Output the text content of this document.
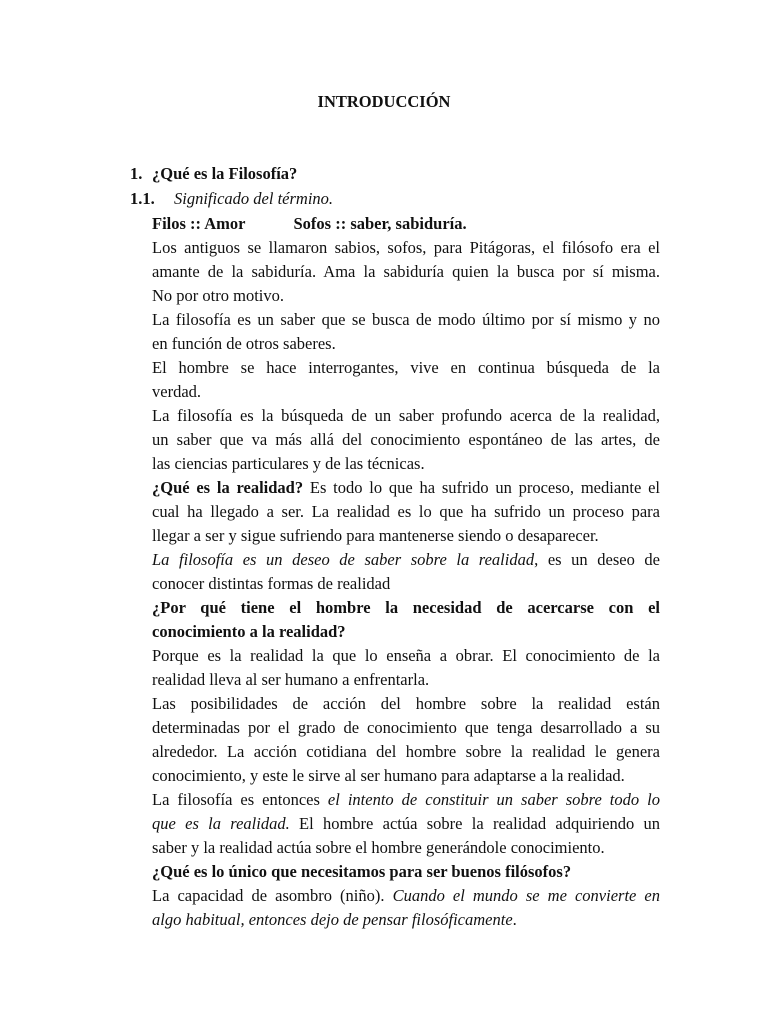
INTRODUCCIÓN
1. ¿Qué es la Filosofía?
1.1. Significado del término.
Filos :: Amor	Sofos :: saber, sabiduría.
Los antiguos se llamaron sabios, sofos, para Pitágoras, el filósofo era el
amante de la sabiduría. Ama la sabiduría quien la busca por sí misma.
No por otro motivo.
La filosofía es un saber que se busca de modo último por sí mismo y no
en función de otros saberes.
El hombre se hace interrogantes, vive en continua búsqueda de la
verdad.
La filosofía es la búsqueda de un saber profundo acerca de la realidad,
un saber que va más allá del conocimiento espontáneo de las artes, de
las ciencias particulares y de las técnicas.
¿Qué es la realidad? Es todo lo que ha sufrido un proceso, mediante el
cual ha llegado a ser. La realidad es lo que ha sufrido un proceso para
llegar a ser y sigue sufriendo para mantenerse siendo o desaparecer.
La filosofía es un deseo de saber sobre la realidad, es un deseo de
conocer distintas formas de realidad
¿Por qué tiene el hombre la necesidad de acercarse con el
conocimiento a la realidad?
Porque es la realidad la que lo enseña a obrar. El conocimiento de la
realidad lleva al ser humano a enfrentarla.
Las posibilidades de acción del hombre sobre la realidad están
determinadas por el grado de conocimiento que tenga desarrollado a su
alrededor. La acción cotidiana del hombre sobre la realidad le genera
conocimiento, y este le sirve al ser humano para adaptarse a la realidad.
La filosofía es entonces el intento de constituir un saber sobre todo lo
que es la realidad. El hombre actúa sobre la realidad adquiriendo un
saber y la realidad actúa sobre el hombre generándole conocimiento.
¿Qué es lo único que necesitamos para ser buenos filósofos?
La capacidad de asombro (niño). Cuando el mundo se me convierte en
algo habitual, entonces dejo de pensar filosóficamente.
